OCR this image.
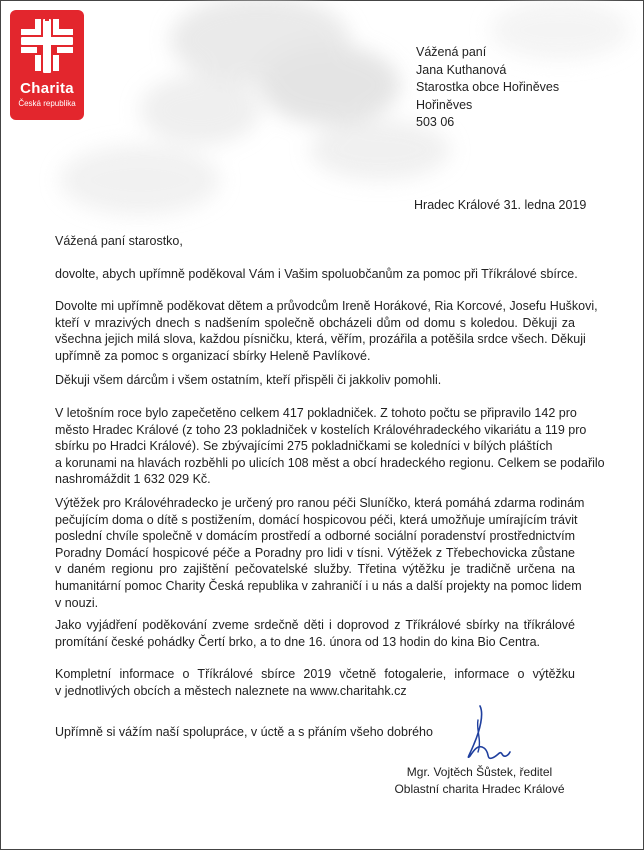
Charita
Česká republika
Vážená paní
Jana Kuthanová
Starostka obce Hořiněves
Hořiněves
503 06
Hradec Králové 31. ledna 2019
Vážená paní starostko,
dovolte, abych upřímně poděkoval Vám i Vašim spoluobčanům za pomoc při Tříkrálové sbírce.
Dovolte mi upřímně poděkovat dětem a průvodcům Ireně Horákové, Ria Korcové, Josefu Huškovi,
kteří v mrazivých dnech s nadšením společně obcházeli dům od domu s koledou. Děkuji za
všechna jejich milá slova, každou písničku, která, věřím, prozářila a potěšila srdce všech. Děkuji
upřímně za pomoc s organizací sbírky Heleně Pavlíkové.
Děkuji všem dárcům i všem ostatním, kteří přispěli či jakkoliv pomohli.
V letošním roce bylo zapečetěno celkem 417 pokladniček. Z tohoto počtu se připravilo 142 pro
město Hradec Králové (z toho 23 pokladniček v kostelích Královéhradeckého vikariátu a 119 pro
sbírku po Hradci Králové). Se zbývajícími 275 pokladničkami se koledníci v bílých pláštích
a korunami na hlavách rozběhli po ulicích 108 měst a obcí hradeckého regionu. Celkem se podařilo
nashromáždit 1 632 029 Kč.
Výtěžek pro Královéhradecko je určený pro ranou péči Sluníčko, která pomáhá zdarma rodinám
pečujícím doma o dítě s postižením, domácí hospicovou péči, která umožňuje umírajícím trávit
poslední chvíle společně v domácím prostředí a odborné sociální poradenství prostřednictvím
Poradny Domácí hospicové péče a Poradny pro lidi v tísni. Výtěžek z Třebechovicka zůstane
v daném regionu pro zajištění pečovatelské služby. Třetina výtěžku je tradičně určena na
humanitární pomoc Charity Česká republika v zahraničí i u nás a další projekty na pomoc lidem
v nouzi.
Jako vyjádření poděkování zveme srdečně děti i doprovod z Tříkrálové sbírky na tříkrálové
promítání české pohádky Čertí brko, a to dne 16. února od 13 hodin do kina Bio Centra.
Kompletní informace o Tříkrálové sbírce 2019 včetně fotogalerie, informace o výtěžku
v jednotlivých obcích a městech naleznete na www.charitahk.cz
Upřímně si vážím naší spolupráce, v úctě a s přáním všeho dobrého
Mgr. Vojtěch Šůstek, ředitel
Oblastní charita Hradec Králové
